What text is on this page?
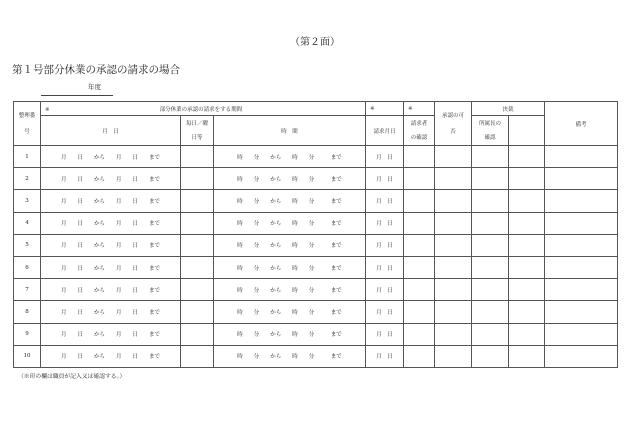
（第２面）
第１号部分休業の承認の請求の場合
年度
整理番号	※ 部分休業の承認の請求をする期間			※	※	承認の可否	決裁		備考
	月　日	毎日／曜日等	時　間	請求月日	請求者の確認		所属長の確認		
1	月　　日　　から　　月　　日　　まで		時　　分　　から　　時　　分　　　まで	月　日					
2	月　　日　　から　　月　　日　　まで		時　　分　　から　　時　　分　　　まで	月　日					
3	月　　日　　から　　月　　日　　まで		時　　分　　から　　時　　分　　　まで	月　日					
4	月　　日　　から　　月　　日　　まで		時　　分　　から　　時　　分　　　まで	月　日					
5	月　　日　　から　　月　　日　　まで		時　　分　　から　　時　　分　　　まで	月　日					
6	月　　日　　から　　月　　日　　まで		時　　分　　から　　時　　分　　　まで	月　日					
7	月　　日　　から　　月　　日　　まで		時　　分　　から　　時　　分　　　まで	月　日					
8	月　　日　　から　　月　　日　　まで		時　　分　　から　　時　　分　　　まで	月　日					
9	月　　日　　から　　月　　日　　まで		時　　分　　から　　時　　分　　　まで	月　日					
10	月　　日　　から　　月　　日　　まで		時　　分　　から　　時　　分　　　まで	月　日					
（※印の欄は職員が記入又は確認する。）
